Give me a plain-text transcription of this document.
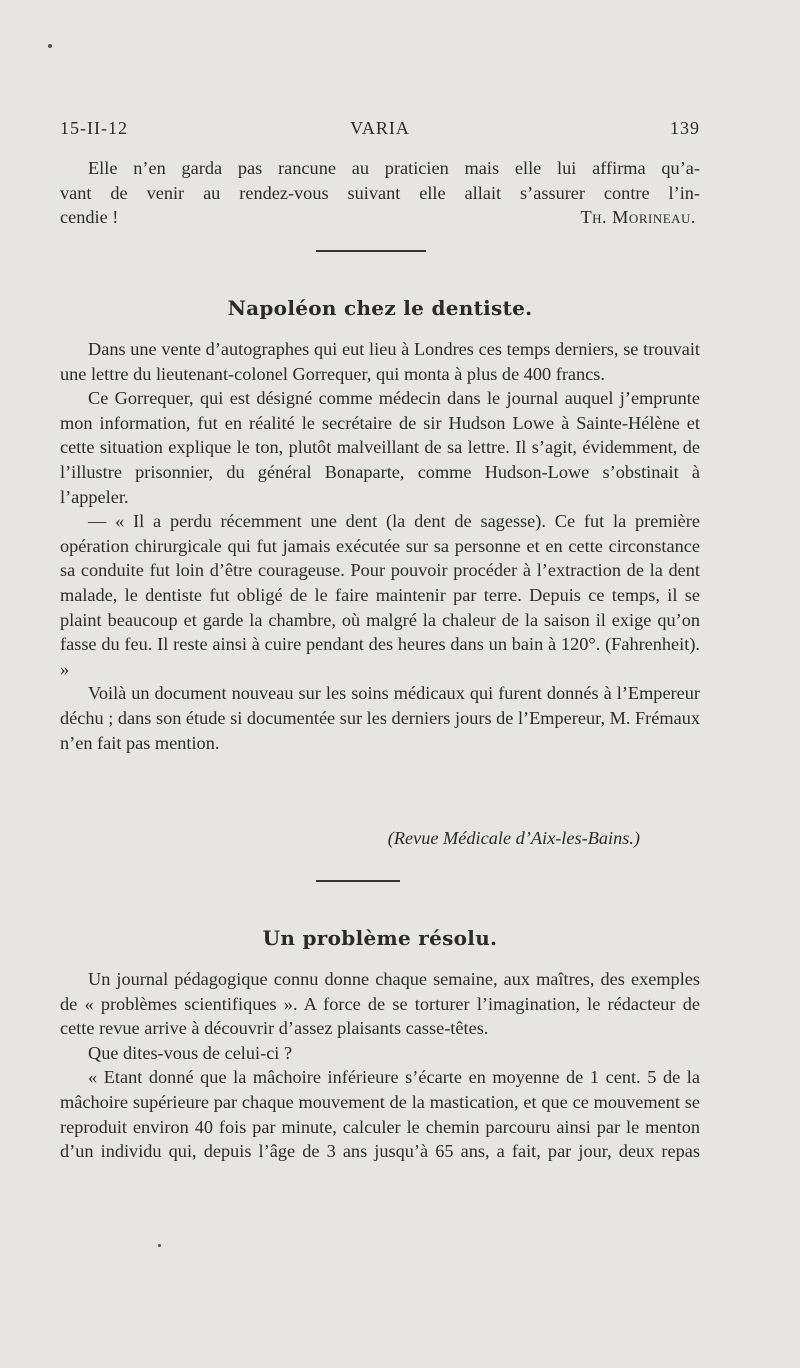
15-II-12	VARIA	139

Elle n’en garda pas rancune au praticien mais elle lui affirma qu’a-

vant de venir au rendez-vous suivant elle allait s’assurer contre l’in-

cendie !	Th. Morineau.
Napoléon chez le dentiste.

Dans une vente d’autographes qui eut lieu à Londres ces temps derniers, se trouvait une lettre du lieutenant-colonel Gorrequer, qui monta à plus de 400 francs.

Ce Gorrequer, qui est désigné comme médecin dans le journal auquel j’emprunte mon information, fut en réalité le secrétaire de sir Hudson Lowe à Sainte-Hélène et cette situation explique le ton, plutôt malveillant de sa lettre. Il s’agit, évidemment, de l’illustre prisonnier, du général Bonaparte, comme Hudson-Lowe s’obstinait à l’appeler.

— « Il a perdu récemment une dent (la dent de sagesse). Ce fut la première opération chirurgicale qui fut jamais exécutée sur sa personne et en cette circonstance sa conduite fut loin d’être courageuse. Pour pouvoir procéder à l’extraction de la dent malade, le dentiste fut obligé de le faire maintenir par terre. Depuis ce temps, il se plaint beaucoup et garde la chambre, où malgré la chaleur de la saison il exige qu’on fasse du feu. Il reste ainsi à cuire pendant des heures dans un bain à 120°. (Fahrenheit). »

Voilà un document nouveau sur les soins médicaux qui furent donnés à l’Empereur déchu ; dans son étude si documentée sur les derniers jours de l’Empereur, M. Frémaux n’en fait pas mention.

(Revue Médicale d’Aix-les-Bains.)
Un problème résolu.

Un journal pédagogique connu donne chaque semaine, aux maîtres, des exemples de « problèmes scientifiques ». A force de se torturer l’imagination, le rédacteur de cette revue arrive à découvrir d’assez plaisants casse-têtes.

Que dites-vous de celui-ci ?

« Etant donné que la mâchoire inférieure s’écarte en moyenne de 1 cent. 5 de la mâchoire supérieure par chaque mouvement de la mastication, et que ce mouvement se reproduit environ 40 fois par minute, calculer le chemin parcouru ainsi par le menton d’un individu qui, depuis l’âge de 3 ans jusqu’à 65 ans, a fait, par jour, deux repas
